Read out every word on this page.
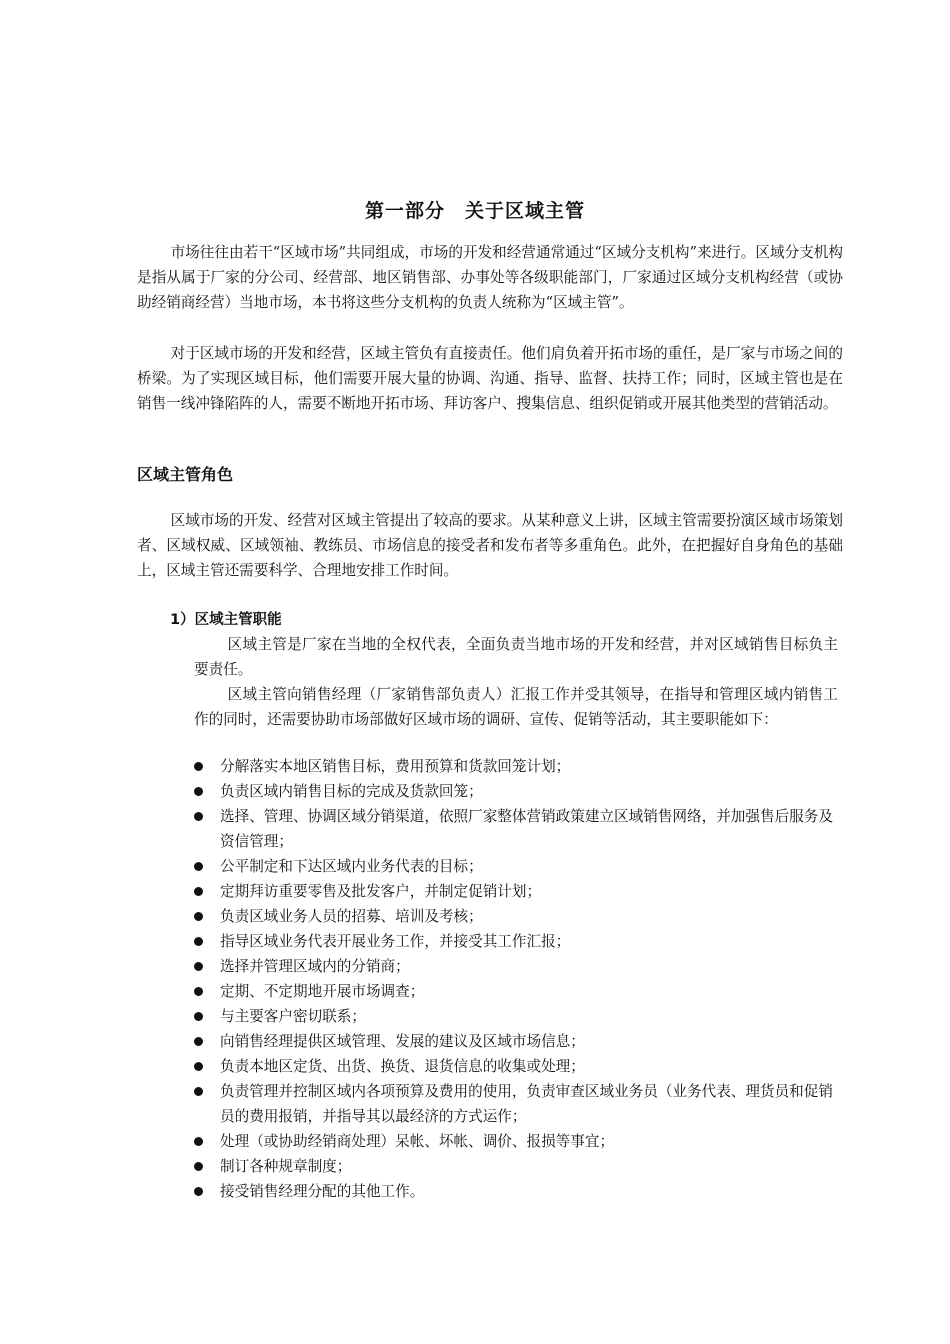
第一部分　关于区域主管

市场往往由若干“区域市场”共同组成，市场的开发和经营通常通过“区域分支机构”来进行。区域分支机构是指从属于厂家的分公司、经营部、地区销售部、办事处等各级职能部门，厂家通过区域分支机构经营（或协助经销商经营）当地市场，本书将这些分支机构的负责人统称为“区域主管”。

对于区域市场的开发和经营，区域主管负有直接责任。他们肩负着开拓市场的重任，是厂家与市场之间的桥梁。为了实现区域目标，他们需要开展大量的协调、沟通、指导、监督、扶持工作；同时，区域主管也是在销售一线冲锋陷阵的人，需要不断地开拓市场、拜访客户、搜集信息、组织促销或开展其他类型的营销活动。

区域主管角色

区域市场的开发、经营对区域主管提出了较高的要求。从某种意义上讲，区域主管需要扮演区域市场策划者、区域权威、区域领袖、教练员、市场信息的接受者和发布者等多重角色。此外，在把握好自身角色的基础上，区域主管还需要科学、合理地安排工作时间。

1）区域主管职能

区域主管是厂家在当地的全权代表，全面负责当地市场的开发和经营，并对区域销售目标负主要责任。

区域主管向销售经理（厂家销售部负责人）汇报工作并受其领导，在指导和管理区域内销售工作的同时，还需要协助市场部做好区域市场的调研、宣传、促销等活动，其主要职能如下：

分解落实本地区销售目标，费用预算和货款回笼计划；
负责区域内销售目标的完成及货款回笼；
选择、管理、协调区域分销渠道，依照厂家整体营销政策建立区域销售网络，并加强售后服务及资信管理；
公平制定和下达区域内业务代表的目标；
定期拜访重要零售及批发客户，并制定促销计划；
负责区域业务人员的招募、培训及考核；
指导区域业务代表开展业务工作，并接受其工作汇报；
选择并管理区域内的分销商；
定期、不定期地开展市场调查；
与主要客户密切联系；
向销售经理提供区域管理、发展的建议及区域市场信息；
负责本地区定货、出货、换货、退货信息的收集或处理；
负责管理并控制区域内各项预算及费用的使用，负责审查区域业务员（业务代表、理货员和促销员的费用报销，并指导其以最经济的方式运作；
处理（或协助经销商处理）呆帐、坏帐、调价、报损等事宜；
制订各种规章制度；
接受销售经理分配的其他工作。
